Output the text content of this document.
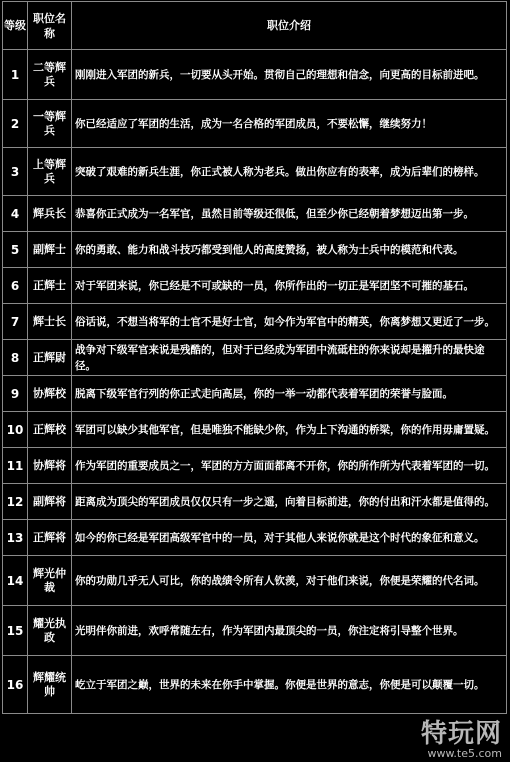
等级	职位名称	职位介绍
1	二等辉兵	刚刚进入军团的新兵，一切要从头开始。贯彻自己的理想和信念，向更高的目标前进吧。
2	一等辉兵	你已经适应了军团的生活，成为一名合格的军团成员，不要松懈，继续努力！
3	上等辉兵	突破了艰难的新兵生涯，你正式被人称为老兵。做出你应有的表率，成为后辈们的榜样。
4	辉兵长	恭喜你正式成为一名军官，虽然目前等级还很低，但至少你已经朝着梦想迈出第一步。
5	副辉士	你的勇敢、能力和战斗技巧都受到他人的高度赞扬，被人称为士兵中的模范和代表。
6	正辉士	对于军团来说，你已经是不可或缺的一员，你所作出的一切正是军团坚不可摧的基石。
7	辉士长	俗话说，不想当将军的士官不是好士官，如今作为军官中的精英，你离梦想又更近了一步。
8	正辉尉	战争对下级军官来说是残酷的，但对于已经成为军团中流砥柱的你来说却是擢升的最快途径。
9	协辉校	脱离下级军官行列的你正式走向高层，你的一举一动都代表着军团的荣誉与脸面。
10	正辉校	军团可以缺少其他军官，但是唯独不能缺少你，作为上下沟通的桥梁，你的作用毋庸置疑。
11	协辉将	作为军团的重要成员之一，军团的方方面面都离不开你，你的所作所为代表着军团的一切。
12	副辉将	距离成为顶尖的军团成员仅仅只有一步之遥，向着目标前进，你的付出和汗水都是值得的。
13	正辉将	如今的你已经是军团高级军官中的一员，对于其他人来说你就是这个时代的象征和意义。
14	辉光仲裁	你的功勋几乎无人可比，你的战绩令所有人钦羡，对于他们来说，你便是荣耀的代名词。
15	耀光执政	光明伴你前进，欢呼常随左右，作为军团内最顶尖的一员，你注定将引导整个世界。
16	辉耀统帅	屹立于军团之巅，世界的未来在你手中掌握。你便是世界的意志，你便是可以颠覆一切。
特玩网
www.te5.com
